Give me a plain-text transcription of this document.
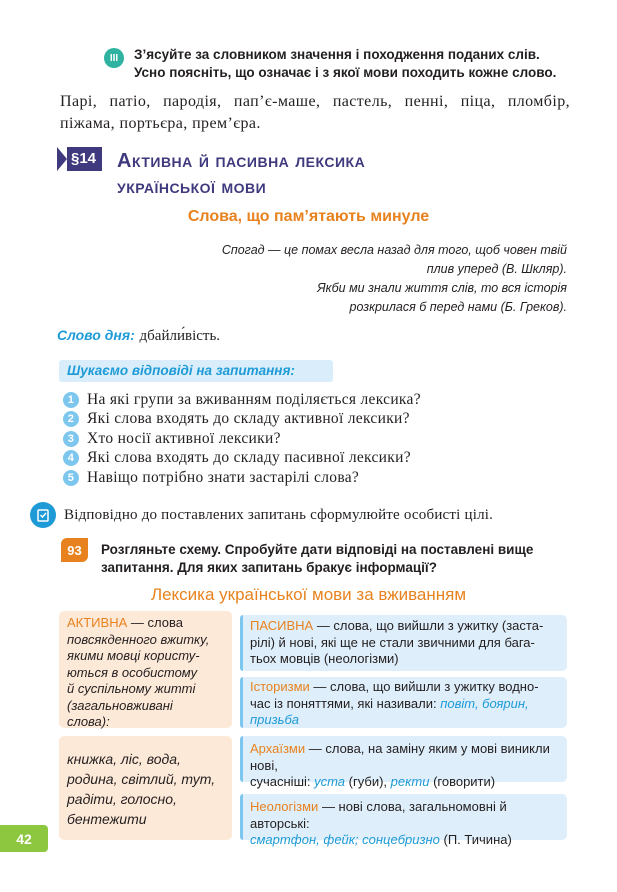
III	З’ясуйте за словником значення і походження поданих слів.
Усно поясніть, що означає і з якої мови походить кожне слово.
Парі, патіо, пародія, пап’є-маше, пастель, пенні, піца, пломбір, піжама, портьєра, прем’єра.
§14	Активна й пасивна лексика
української мови
Слова, що пам’ятають минуле
Спогад — це помах весла назад для того, щоб човен твій
плив уперед (В. Шкляр).
Якби ми знали життя слів, то вся історія
розкрилася б перед нами (Б. Греков).
Слово дня: дбайли́вість.
Шукаємо відповіді на запитання:
1 На які групи за вживанням поділяється лексика?
2 Які слова входять до складу активної лексики?
3 Хто носії активної лексики?
4 Які слова входять до складу пасивної лексики?
5 Навіщо потрібно знати застарілі слова?
Відповідно до поставлених запитань сформулюйте особисті цілі.
93	Розгляньте схему. Спробуйте дати відповіді на поставлені вище
запитання. Для яких запитань бракує інформації?
Лексика української мови за вживанням
АКТИВНА — слова
повсякденного вжитку,
якими мовці користу-
ються в особистому
й суспільному житті
(загальновживані
слова):
книжка, ліс, вода,
родина, світлий, тут,
радіти, голосно,
бентежити
ПАСИВНА — слова, що вийшли з ужитку (заста-
рілі) й нові, які ще не стали звичними для бага-
тьох мовців (неологізми)
Історизми — слова, що вийшли з ужитку водно-
час із поняттями, які називали: повіт, боярин,
призьба
Архаїзми — слова, на заміну яким у мові виникли нові,
сучасніші: уста (губи), ректи (говорити)
Неологізми — нові слова, загальномовні й авторські:
смартфон, фейк; сонцебризно (П. Тичина)
42
